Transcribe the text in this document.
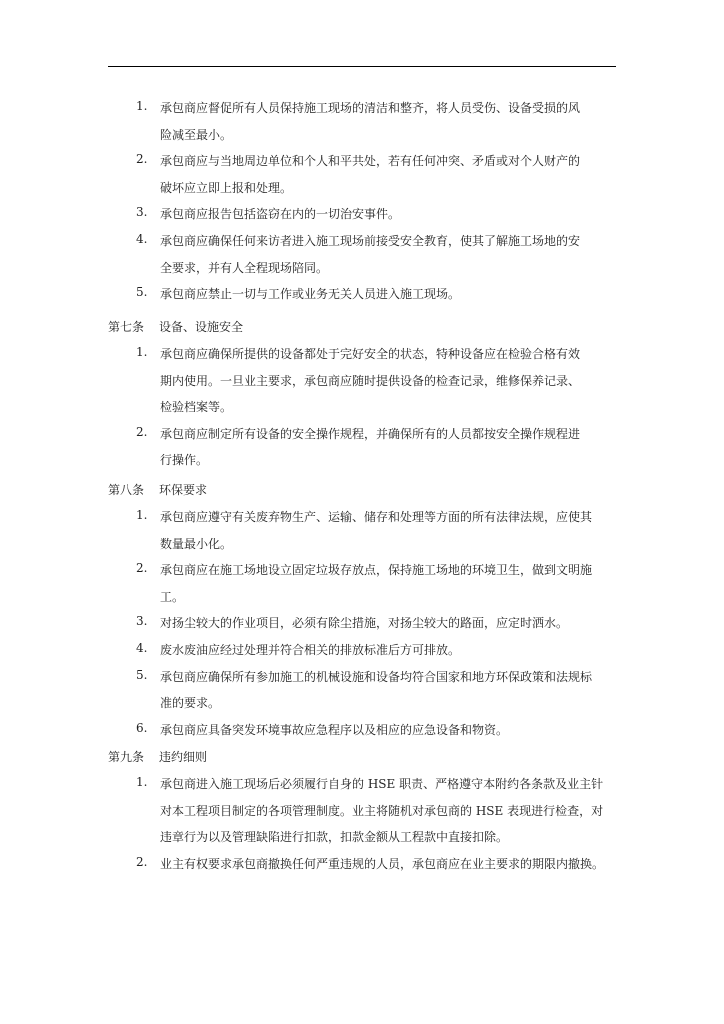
1. 承包商应督促所有人员保持施工现场的清洁和整齐，将人员受伤、设备受损的风
险减至最小。
2. 承包商应与当地周边单位和个人和平共处，若有任何冲突、矛盾或对个人财产的
破坏应立即上报和处理。
3. 承包商应报告包括盗窃在内的一切治安事件。
4. 承包商应确保任何来访者进入施工现场前接受安全教育，使其了解施工场地的安
全要求，并有人全程现场陪同。
5. 承包商应禁止一切与工作或业务无关人员进入施工现场。
第七条 设备、设施安全
1. 承包商应确保所提供的设备都处于完好安全的状态，特种设备应在检验合格有效
期内使用。一旦业主要求，承包商应随时提供设备的检查记录，维修保养记录、
检验档案等。
2. 承包商应制定所有设备的安全操作规程，并确保所有的人员都按安全操作规程进
行操作。
第八条 环保要求
1. 承包商应遵守有关废弃物生产、运输、储存和处理等方面的所有法律法规，应使其
数量最小化。
2. 承包商应在施工场地设立固定垃圾存放点，保持施工场地的环境卫生，做到文明施
工。
3. 对扬尘较大的作业项目，必须有除尘措施，对扬尘较大的路面，应定时洒水。
4. 废水废油应经过处理并符合相关的排放标准后方可排放。
5. 承包商应确保所有参加施工的机械设施和设备均符合国家和地方环保政策和法规标
准的要求。
6. 承包商应具备突发环境事故应急程序以及相应的应急设备和物资。
第九条 违约细则
1. 承包商进入施工现场后必须履行自身的 HSE 职责、严格遵守本附约各条款及业主针
对本工程项目制定的各项管理制度。业主将随机对承包商的 HSE 表现进行检查，对
违章行为以及管理缺陷进行扣款，扣款金额从工程款中直接扣除。
2. 业主有权要求承包商撤换任何严重违规的人员，承包商应在业主要求的期限内撤换。
